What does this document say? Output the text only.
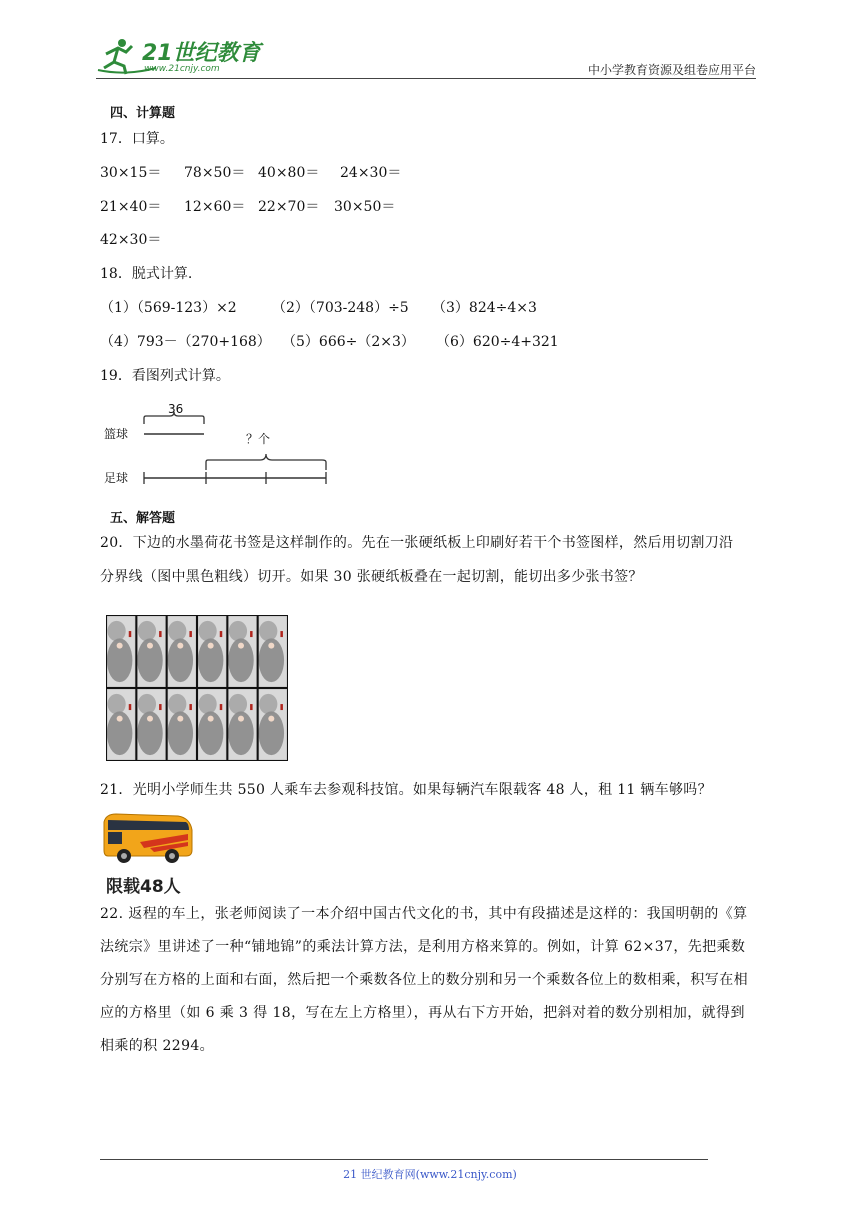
21世纪教育
www.21cnjy.com	中小学教育资源及组卷应用平台
四、计算题
17．口算。
30×15＝ 78×50＝ 40×80＝ 24×30＝
21×40＝ 12×60＝ 22×70＝ 30×50＝
42×30＝
18．脱式计算.
（1）（569-123）×2	（2）（703-248）÷5 （3）824÷4×3
（4）793－（270+168） （5）666÷（2×3） （6）620÷4+321
19．看图列式计算。
36
？个
篮球
足球
五、解答题
20．下边的水墨荷花书签是这样制作的。先在一张硬纸板上印刷好若干个书签图样，然后用切割刀沿
分界线（图中黑色粗线）切开。如果 30 张硬纸板叠在一起切割，能切出多少张书签？
21．光明小学师生共 550 人乘车去参观科技馆。如果每辆汽车限载客 48 人，租 11 辆车够吗？
限载48人
22. 返程的车上，张老师阅读了一本介绍中国古代文化的书，其中有段描述是这样的：我国明朝的《算法统宗》里讲述了一种“铺地锦”的乘法计算方法，是利用方格来算的。例如，计算 62×37，先把乘数分别写在方格的上面和右面，然后把一个乘数各位上的数分别和另一个乘数各位上的数相乘，积写在相应的方格里（如 6 乘 3 得 18，写在左上方格里），再从右下方开始，把斜对着的数分别相加，就得到相乘的积 2294。
21 世纪教育网(www.21cnjy.com)
